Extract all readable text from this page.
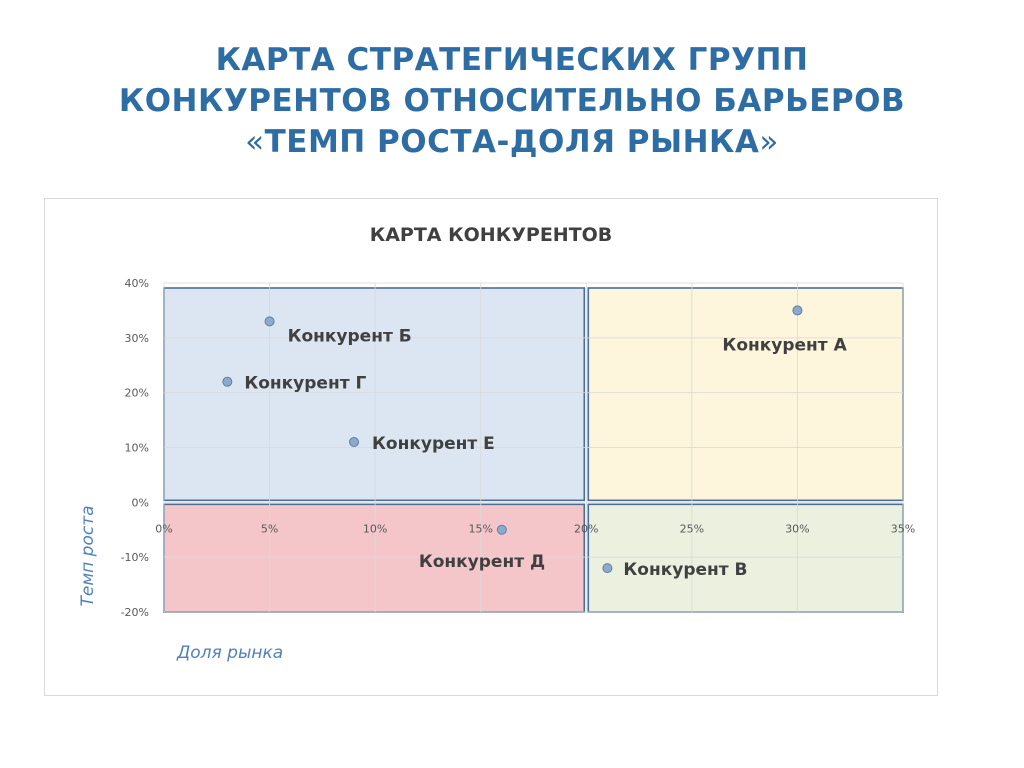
КАРТА СТРАТЕГИЧЕСКИХ ГРУПП
КОНКУРЕНТОВ ОТНОСИТЕЛЬНО БАРЬЕРОВ
«ТЕМП РОСТА-ДОЛЯ РЫНКА»
КАРТА КОНКУРЕНТОВ
-20%
-10%
0%
10%
20%
30%
40%
0%	5%	10%	15%	20%	25%	30%	35%
Конкурент А
Конкурент Б
Конкурент В
Конкурент Г
Конкурент Д
Конкурент Е
Доля рынка
Темп роста
